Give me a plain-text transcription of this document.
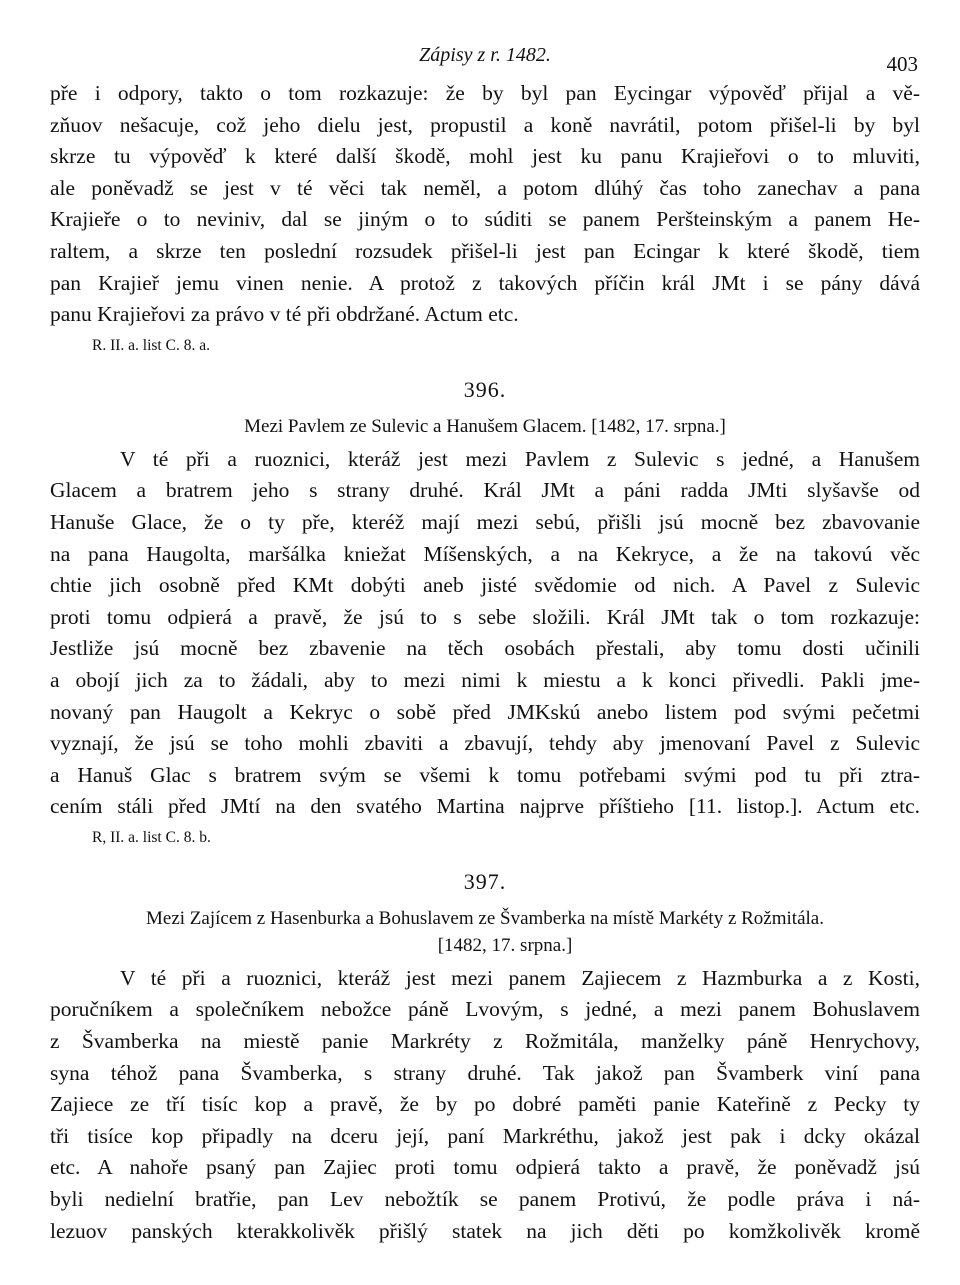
Zápisy z r. 1482.	403
pře i odpory, takto o tom rozkazuje: že by byl pan Eycingar výpověď přijal a vě-
zňuov nešacuje, což jeho dielu jest, propustil a koně navrátil, potom přišel-li by byl
skrze tu výpověď k které další škodě, mohl jest ku panu Krajieřovi o to mluviti,
ale poněvadž se jest v té věci tak neměl, a potom dlúhý čas toho zanechav a pana
Krajieře o to neviniv, dal se jiným o to súditi se panem Peršteinským a panem He-
raltem, a skrze ten poslední rozsudek přišel-li jest pan Ecingar k které škodě, tiem
pan Krajieř jemu vinen nenie. A protož z takových příčin král JMt i se pány dává
panu Krajieřovi za právo v té při obdržané. Actum etc.
R. II. a. list C. 8. a.
396.
Mezi Pavlem ze Sulevic a Hanušem Glacem. [1482, 17. srpna.]
V té při a ruoznici, kteráž jest mezi Pavlem z Sulevic s jedné, a Hanušem
Glacem a bratrem jeho s strany druhé. Král JMt a páni radda JMti slyšavše od
Hanuše Glace, že o ty pře, kteréž mají mezi sebú, přišli jsú mocně bez zbavovanie
na pana Haugolta, maršálka kniežat Míšenských, a na Kekryce, a že na takovú věc
chtie jich osobně před KMt dobýti aneb jisté svědomie od nich. A Pavel z Sulevic
proti tomu odpierá a pravě, že jsú to s sebe složili. Král JMt tak o tom rozkazuje:
Jestliže jsú mocně bez zbavenie na těch osobách přestali, aby tomu dosti učinili
a obojí jich za to žádali, aby to mezi nimi k miestu a k konci přivedli. Pakli jme-
novaný pan Haugolt a Kekryc o sobě před JMKskú anebo listem pod svými pečetmi
vyznají, že jsú se toho mohli zbaviti a zbavují, tehdy aby jmenovaní Pavel z Sulevic
a Hanuš Glac s bratrem svým se všemi k tomu potřebami svými pod tu při ztra-
cením stáli před JMtí na den svatého Martina najprve příštieho [11. listop.]. Actum etc.
R, II. a. list C. 8. b.
397.
Mezi Zajícem z Hasenburka a Bohuslavem ze Švamberka na místě Markéty z Rožmitála.
[1482, 17. srpna.]
V té při a ruoznici, kteráž jest mezi panem Zajiecem z Hazmburka a z Kosti,
poručníkem a společníkem nebožce páně Lvovým, s jedné, a mezi panem Bohuslavem
z Švamberka na miestě panie Markréty z Rožmitála, manželky páně Henrychovy,
syna téhož pana Švamberka, s strany druhé. Tak jakož pan Švamberk viní pana
Zajiece ze tří tisíc kop a pravě, že by po dobré paměti panie Kateřině z Pecky ty
tři tisíce kop připadly na dceru její, paní Markréthu, jakož jest pak i dcky okázal
etc. A nahoře psaný pan Zajiec proti tomu odpierá takto a pravě, že poněvadž jsú
byli nedielní bratřie, pan Lev nebožtík se panem Protivú, že podle práva i ná-
lezuov panských kterakkolivěk přišlý statek na jich děti po komžkolivěk kromě
